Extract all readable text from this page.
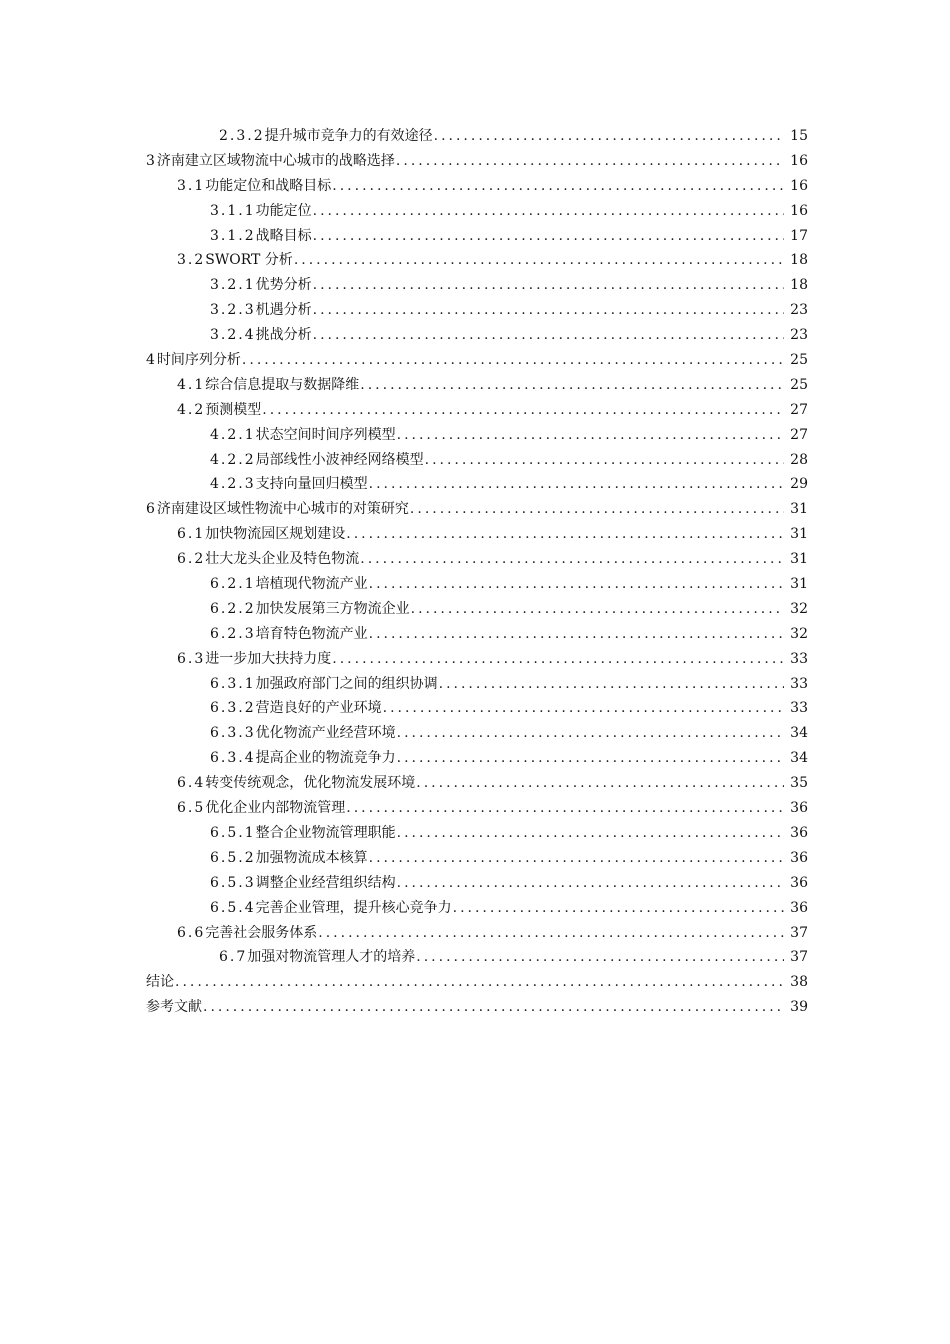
2.3.2 提升城市竞争力的有效途径 .....	15
3 济南建立区域物流中心城市的战略选择 .....	16
3.1 功能定位和战略目标 .....	16
3.1.1 功能定位 .....	16
3.1.2 战略目标 .....	17
3.2 SWORT 分析 .....	18
3.2.1 优势分析 .....	18
3.2.3 机遇分析 .....	23
3.2.4 挑战分析 .....	23
4 时间序列分析 .....	25
4.1 综合信息提取与数据降维 .....	25
4.2 预测模型 .....	27
4.2.1 状态空间时间序列模型 .....	27
4.2.2 局部线性小波神经网络模型 .....	28
4.2.3 支持向量回归模型 .....	29
6 济南建设区域性物流中心城市的对策研究 .....	31
6.1 加快物流园区规划建设 .....	31
6.2 壮大龙头企业及特色物流 .....	31
6.2.1 培植现代物流产业 .....	31
6.2.2 加快发展第三方物流企业 .....	32
6.2.3 培育特色物流产业 .....	32
6.3 进一步加大扶持力度 .....	33
6.3.1 加强政府部门之间的组织协调 .....	33
6.3.2 营造良好的产业环境 .....	33
6.3.3 优化物流产业经营环境 .....	34
6.3.4 提高企业的物流竞争力 .....	34
6.4 转变传统观念，优化物流发展环境 .....	35
6.5 优化企业内部物流管理 .....	36
6.5.1 整合企业物流管理职能 .....	36
6.5.2 加强物流成本核算 .....	36
6.5.3 调整企业经营组织结构 .....	36
6.5.4 完善企业管理，提升核心竞争力 .....	36
6.6 完善社会服务体系 .....	37
6.7 加强对物流管理人才的培养 .....	37
结论 .....	38
参考文献 .....	39
